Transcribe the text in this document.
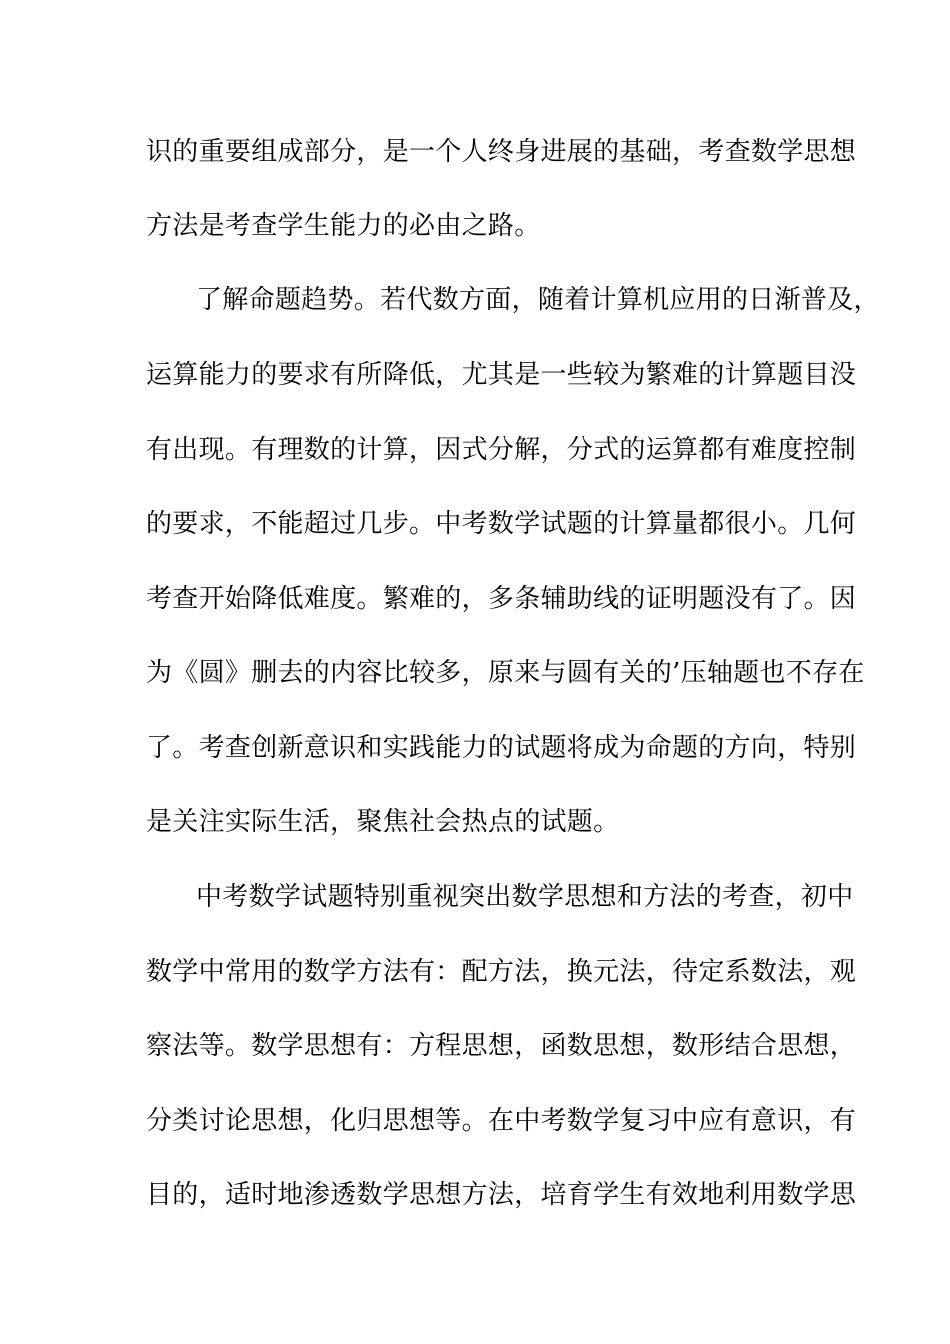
识的重要组成部分，是一个人终身进展的基础，考查数学思想
方法是考查学生能力的必由之路。
了解命题趋势。若代数方面，随着计算机应用的日渐普及，
运算能力的要求有所降低，尤其是一些较为繁难的计算题目没
有出现。有理数的计算，因式分解，分式的运算都有难度控制
的要求，不能超过几步。中考数学试题的计算量都很小。几何
考查开始降低难度。繁难的，多条辅助线的证明题没有了。因
为《圆》删去的内容比较多，原来与圆有关的’压轴题也不存在
了。考查创新意识和实践能力的试题将成为命题的方向，特别
是关注实际生活，聚焦社会热点的试题。
中考数学试题特别重视突出数学思想和方法的考查，初中
数学中常用的数学方法有：配方法，换元法，待定系数法，观
察法等。数学思想有：方程思想，函数思想，数形结合思想，
分类讨论思想，化归思想等。在中考数学复习中应有意识，有
目的，适时地渗透数学思想方法，培育学生有效地利用数学思
